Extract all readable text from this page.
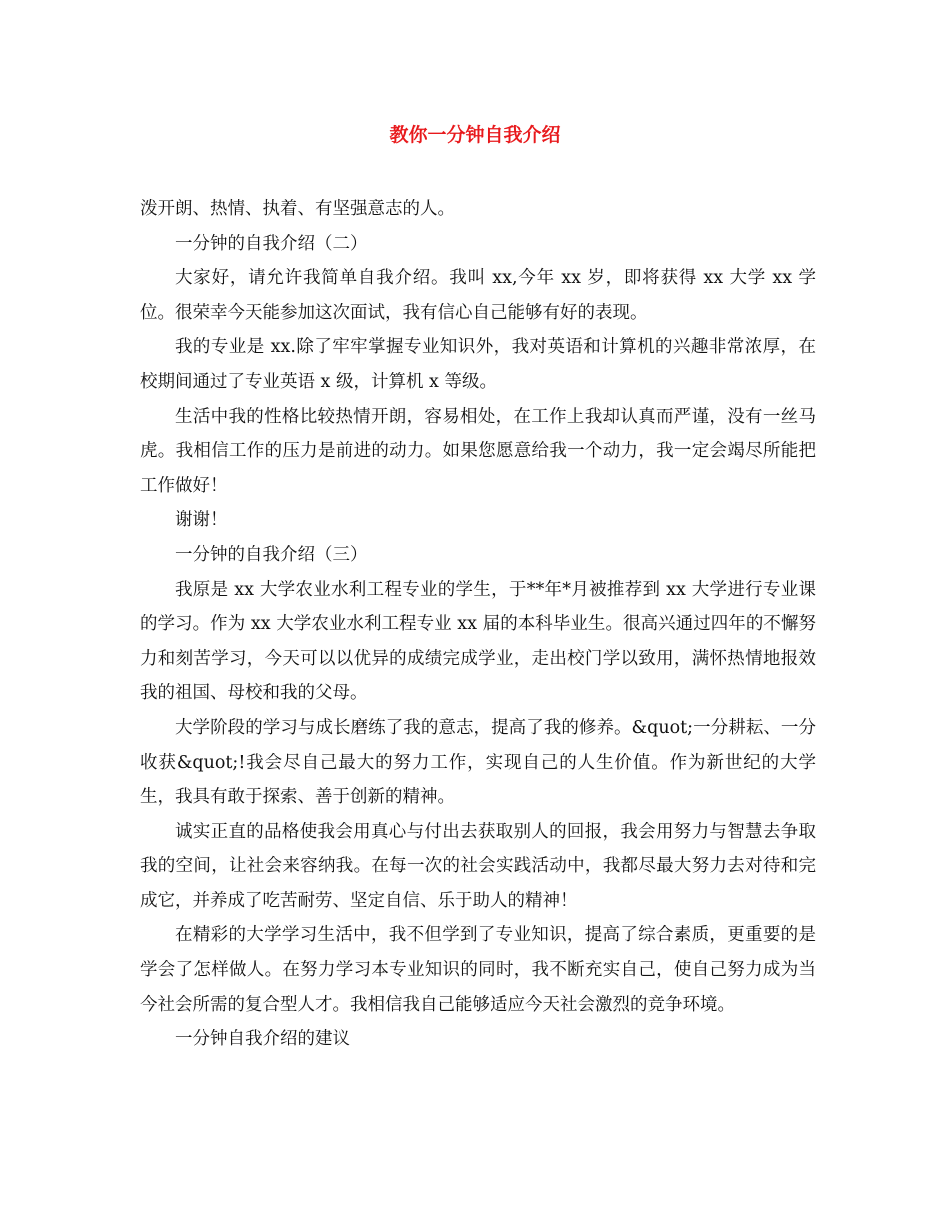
教你一分钟自我介绍

泼开朗、热情、执着、有坚强意志的人。

一分钟的自我介绍（二）

大家好，请允许我简单自我介绍。我叫 xx,今年 xx 岁，即将获得 xx 大学 xx 学位。很荣幸今天能参加这次面试，我有信心自己能够有好的表现。

我的专业是 xx.除了牢牢掌握专业知识外，我对英语和计算机的兴趣非常浓厚，在校期间通过了专业英语 x 级，计算机 x 等级。

生活中我的性格比较热情开朗，容易相处，在工作上我却认真而严谨，没有一丝马虎。我相信工作的压力是前进的动力。如果您愿意给我一个动力，我一定会竭尽所能把工作做好！

谢谢！

一分钟的自我介绍（三）

我原是 xx 大学农业水利工程专业的学生，于**年*月被推荐到 xx 大学进行专业课的学习。作为 xx 大学农业水利工程专业 xx 届的本科毕业生。很高兴通过四年的不懈努力和刻苦学习，今天可以以优异的成绩完成学业，走出校门学以致用，满怀热情地报效我的祖国、母校和我的父母。

大学阶段的学习与成长磨练了我的意志，提高了我的修养。&quot;一分耕耘、一分收获&quot;!我会尽自己最大的努力工作，实现自己的人生价值。作为新世纪的大学生，我具有敢于探索、善于创新的精神。

诚实正直的品格使我会用真心与付出去获取别人的回报，我会用努力与智慧去争取我的空间，让社会来容纳我。在每一次的社会实践活动中，我都尽最大努力去对待和完成它，并养成了吃苦耐劳、坚定自信、乐于助人的精神！

在精彩的大学学习生活中，我不但学到了专业知识，提高了综合素质，更重要的是学会了怎样做人。在努力学习本专业知识的同时，我不断充实自己，使自己努力成为当今社会所需的复合型人才。我相信我自己能够适应今天社会激烈的竞争环境。

一分钟自我介绍的建议
